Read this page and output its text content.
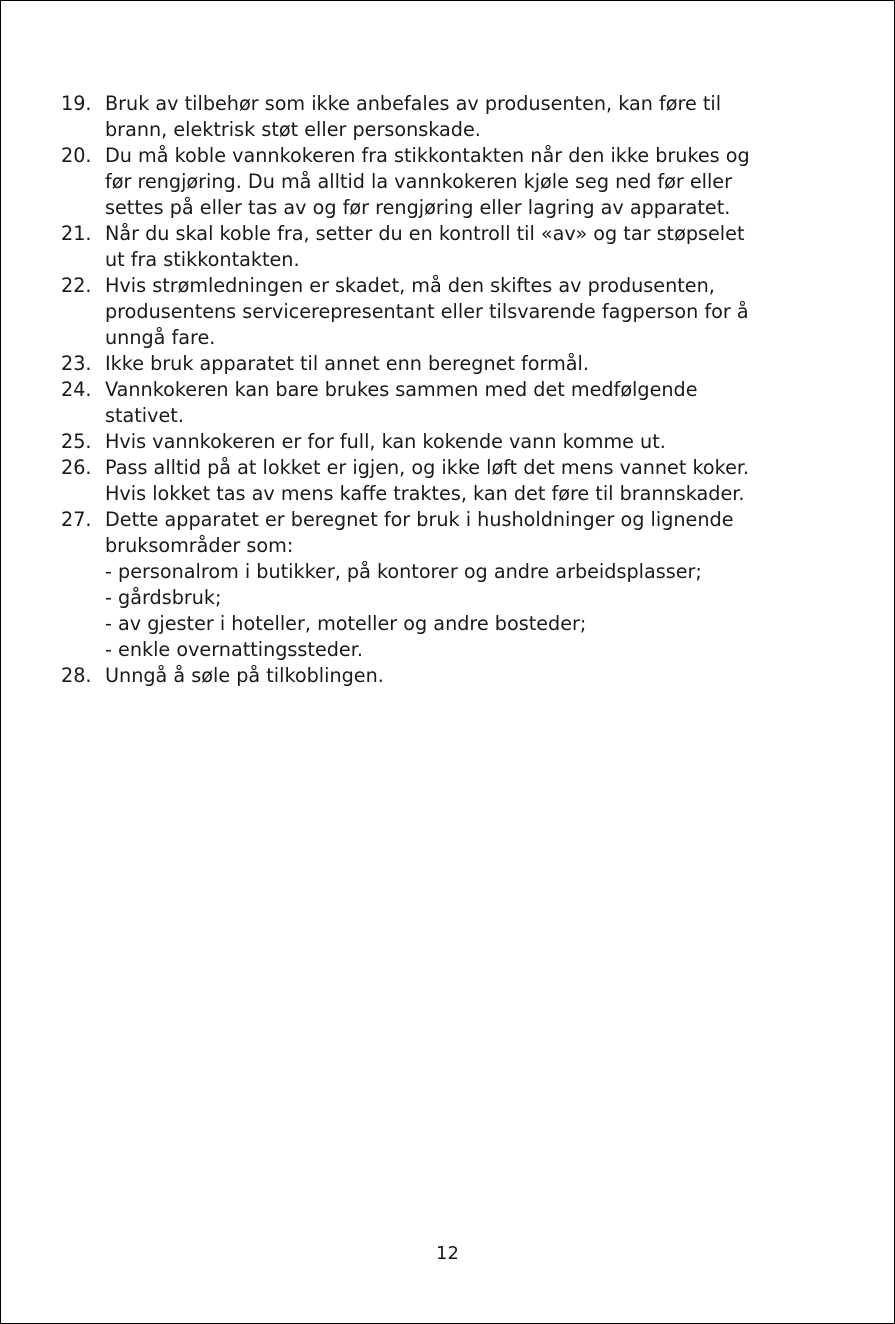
19. Bruk av tilbehør som ikke anbefales av produsenten, kan føre til
brann, elektrisk støt eller personskade.
20. Du må koble vannkokeren fra stikkontakten når den ikke brukes og
før rengjøring. Du må alltid la vannkokeren kjøle seg ned før eller
settes på eller tas av og før rengjøring eller lagring av apparatet.
21. Når du skal koble fra, setter du en kontroll til «av» og tar støpselet
ut fra stikkontakten.
22. Hvis strømledningen er skadet, må den skiftes av produsenten,
produsentens servicerepresentant eller tilsvarende fagperson for å
unngå fare.
23. Ikke bruk apparatet til annet enn beregnet formål.
24. Vannkokeren kan bare brukes sammen med det medfølgende
stativet.
25. Hvis vannkokeren er for full, kan kokende vann komme ut.
26. Pass alltid på at lokket er igjen, og ikke løft det mens vannet koker.
Hvis lokket tas av mens kaffe traktes, kan det føre til brannskader.
27. Dette apparatet er beregnet for bruk i husholdninger og lignende
bruksområder som:
- personalrom i butikker, på kontorer og andre arbeidsplasser;
- gårdsbruk;
- av gjester i hoteller, moteller og andre bosteder;
- enkle overnattingssteder.
28. Unngå å søle på tilkoblingen.
12
